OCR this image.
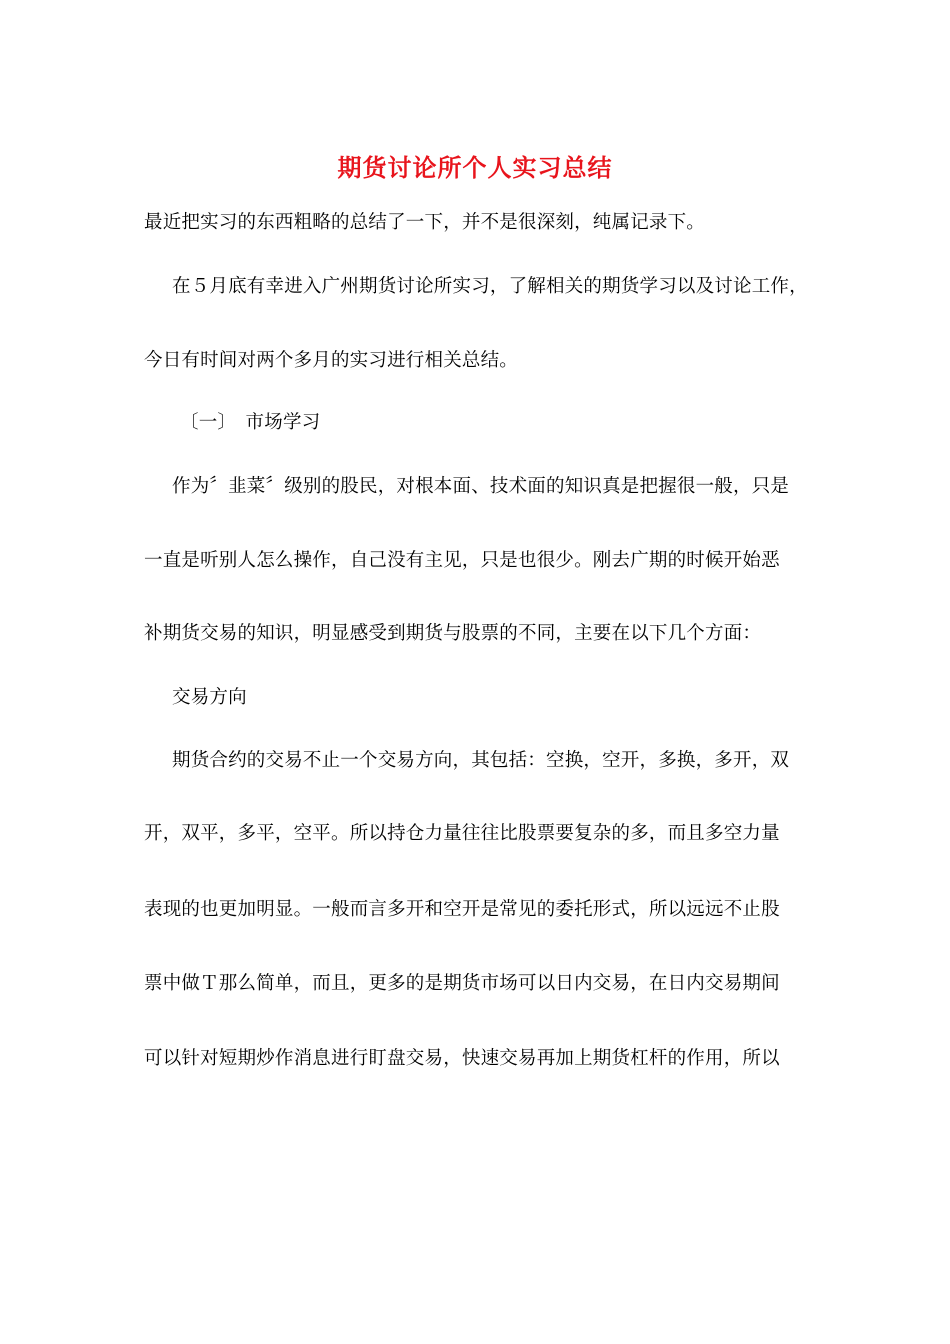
期货讨论所个人实习总结
最近把实习的东西粗略的总结了一下，并不是很深刻，纯属记录下。
在５月底有幸进入广州期货讨论所实习，了解相关的期货学习以及讨论工作，
今日有时间对两个多月的实习进行相关总结。
〔一〕　市场学习
作为〞韭菜〞级别的股民，对根本面、技术面的知识真是把握很一般，只是
一直是听别人怎么操作，自己没有主见，只是也很少。刚去广期的时候开始恶
补期货交易的知识，明显感受到期货与股票的不同，主要在以下几个方面：
交易方向
期货合约的交易不止一个交易方向，其包括：空换，空开，多换，多开，双
开，双平，多平，空平。所以持仓力量往往比股票要复杂的多，而且多空力量
表现的也更加明显。一般而言多开和空开是常见的委托形式，所以远远不止股
票中做Ｔ那么简单，而且，更多的是期货市场可以日内交易，在日内交易期间
可以针对短期炒作消息进行盯盘交易，快速交易再加上期货杠杆的作用，所以
